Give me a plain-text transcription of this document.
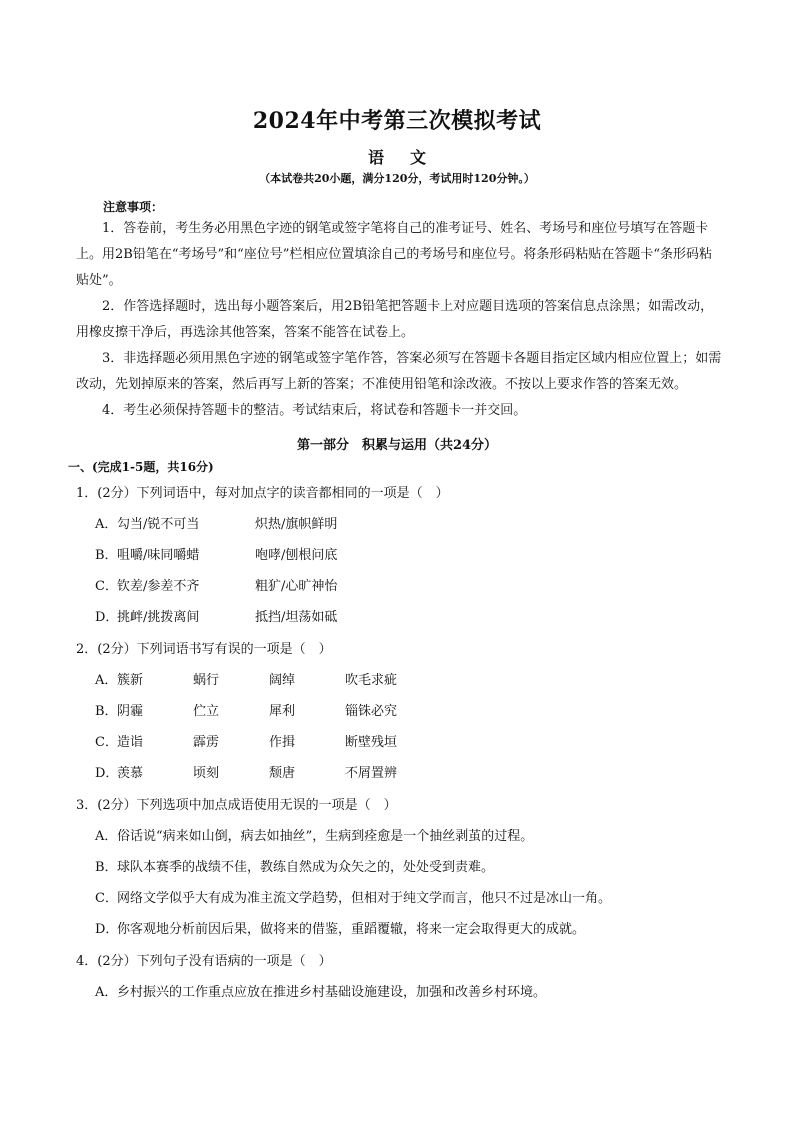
2024年中考第三次模拟考试
语文
（本试卷共20小题，满分120分，考试用时120分钟。）
注意事项：
1．答卷前，考生务必用黑色字迹的钢笔或签字笔将自己的准考证号、姓名、考场号和座位号填写在答题卡上。用2B铅笔在“考场号”和“座位号”栏相应位置填涂自己的考场号和座位号。将条形码粘贴在答题卡“条形码粘贴处”。
2．作答选择题时，选出每小题答案后，用2B铅笔把答题卡上对应题目选项的答案信息点涂黑；如需改动，用橡皮擦干净后，再选涂其他答案，答案不能答在试卷上。
3．非选择题必须用黑色字迹的钢笔或签字笔作答，答案必须写在答题卡各题目指定区域内相应位置上；如需改动，先划掉原来的答案，然后再写上新的答案；不准使用铅笔和涂改液。不按以上要求作答的答案无效。
4．考生必须保持答题卡的整洁。考试结束后，将试卷和答题卡一并交回。
第一部分　积累与运用（共24分）
一、(完成1-5题，共16分)
1．(2分）下列词语中，每对加点字的读音都相同的一项是（　）
A．勾当/锐不可当	炽热/旗帜鲜明
B．咀嚼/味同嚼蜡	咆哮/刨根问底
C．钦差/参差不齐	粗犷/心旷神怡
D．挑衅/挑拨离间	抵挡/坦荡如砥
2．(2分）下列词语书写有误的一项是（　）
A．簇新	蜗行	阔绰	吹毛求疵
B．阴霾	伫立	犀利	锱铢必究
C．造诣	霹雳	作揖	断壁残垣
D．羡慕	顷刻	颓唐	不屑置辨
3．(2分）下列选项中加点成语使用无误的一项是（　）
A．俗话说“病来如山倒，病去如抽丝”，生病到痊愈是一个抽丝剥茧的过程。
B．球队本赛季的战绩不佳，教练自然成为众矢之的，处处受到责难。
C．网络文学似乎大有成为准主流文学趋势，但相对于纯文学而言，他只不过是冰山一角。
D．你客观地分析前因后果，做将来的借鉴，重蹈覆辙，将来一定会取得更大的成就。
4．(2分）下列句子没有语病的一项是（　）
A．乡村振兴的工作重点应放在推进乡村基础设施建设，加强和改善乡村环境。
